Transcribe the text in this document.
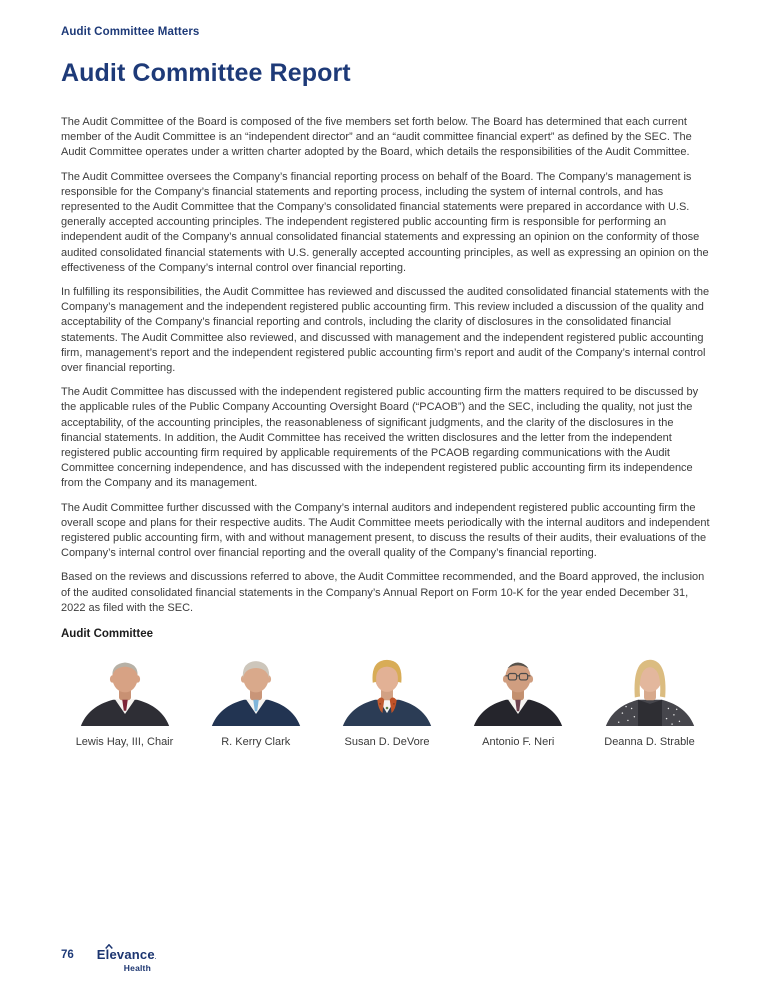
Audit Committee Matters
Audit Committee Report

The Audit Committee of the Board is composed of the five members set forth below. The Board has determined that each current member of the Audit Committee is an “independent director” and an “audit committee financial expert” as defined by the SEC. The Audit Committee operates under a written charter adopted by the Board, which details the responsibilities of the Audit Committee.

The Audit Committee oversees the Company’s financial reporting process on behalf of the Board. The Company’s management is responsible for the Company’s financial statements and reporting process, including the system of internal controls, and has represented to the Audit Committee that the Company’s consolidated financial statements were prepared in accordance with U.S. generally accepted accounting principles. The independent registered public accounting firm is responsible for performing an independent audit of the Company’s annual consolidated financial statements and expressing an opinion on the conformity of those audited consolidated financial statements with U.S. generally accepted accounting principles, as well as expressing an opinion on the effectiveness of the Company’s internal control over financial reporting.

In fulfilling its responsibilities, the Audit Committee has reviewed and discussed the audited consolidated financial statements with the Company’s management and the independent registered public accounting firm. This review included a discussion of the quality and acceptability of the Company’s financial reporting and controls, including the clarity of disclosures in the consolidated financial statements. The Audit Committee also reviewed, and discussed with management and the independent registered public accounting firm, management’s report and the independent registered public accounting firm’s report and audit of the Company’s internal control over financial reporting.

The Audit Committee has discussed with the independent registered public accounting firm the matters required to be discussed by the applicable rules of the Public Company Accounting Oversight Board (“PCAOB”) and the SEC, including the quality, not just the acceptability, of the accounting principles, the reasonableness of significant judgments, and the clarity of the disclosures in the financial statements. In addition, the Audit Committee has received the written disclosures and the letter from the independent registered public accounting firm required by applicable requirements of the PCAOB regarding communications with the Audit Committee concerning independence, and has discussed with the independent registered public accounting firm its independence from the Company and its management.

The Audit Committee further discussed with the Company’s internal auditors and independent registered public accounting firm the overall scope and plans for their respective audits. The Audit Committee meets periodically with the internal auditors and independent registered public accounting firm, with and without management present, to discuss the results of their audits, their evaluations of the Company’s internal control over financial reporting and the overall quality of the Company’s financial reporting.

Based on the reviews and discussions referred to above, the Audit Committee recommended, and the Board approved, the inclusion of the audited consolidated financial statements in the Company’s Annual Report on Form 10-K for the year ended December 31, 2022 as filed with the SEC.

Audit Committee
Lewis Hay, III, Chair	R. Kerry Clark	Susan D. DeVore	Antonio F. Neri	Deanna D. Strable
76 Elevance.
Health
